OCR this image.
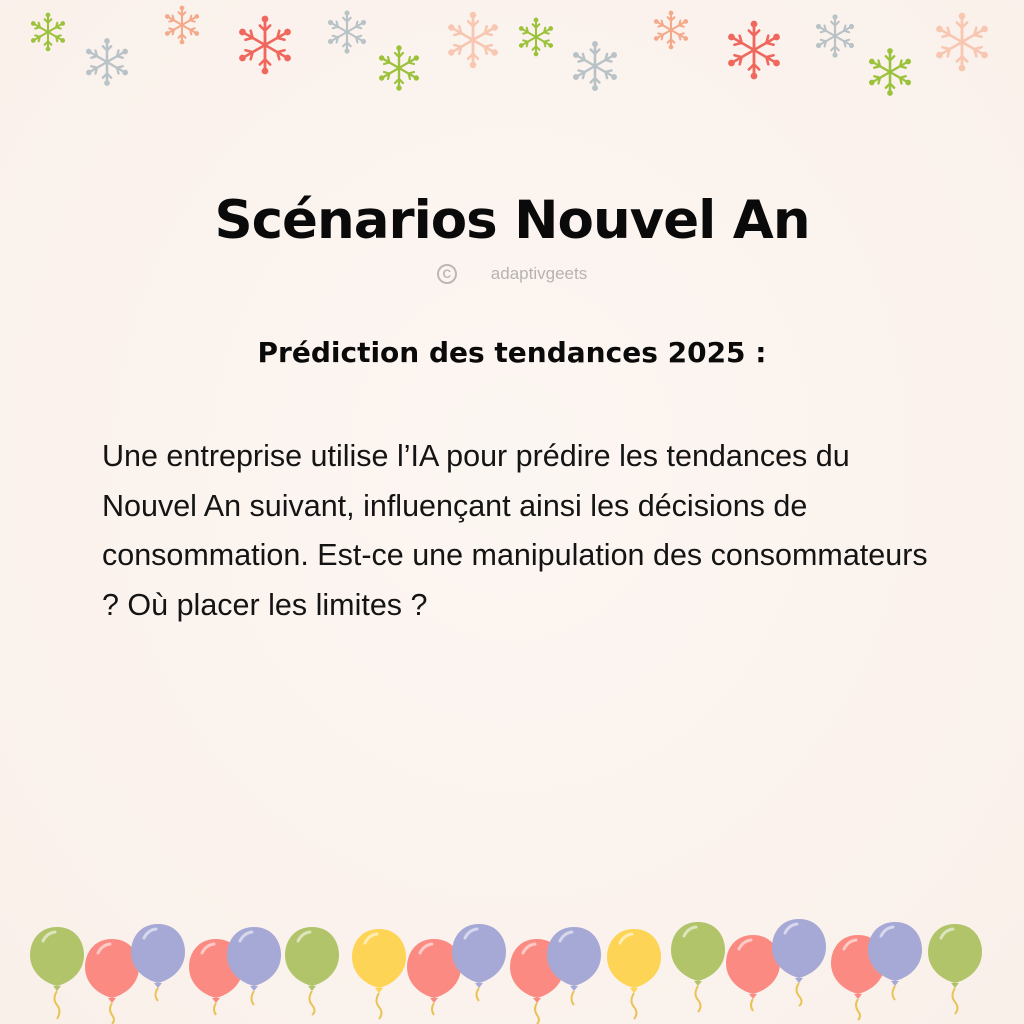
Scénarios Nouvel An
C	adaptivgeets
Prédiction des tendances 2025 :

Une entreprise utilise l’IA pour prédire les tendances du Nouvel An suivant, influençant ainsi les décisions de consommation. Est-ce une manipulation des consommateurs ? Où placer les limites ?
